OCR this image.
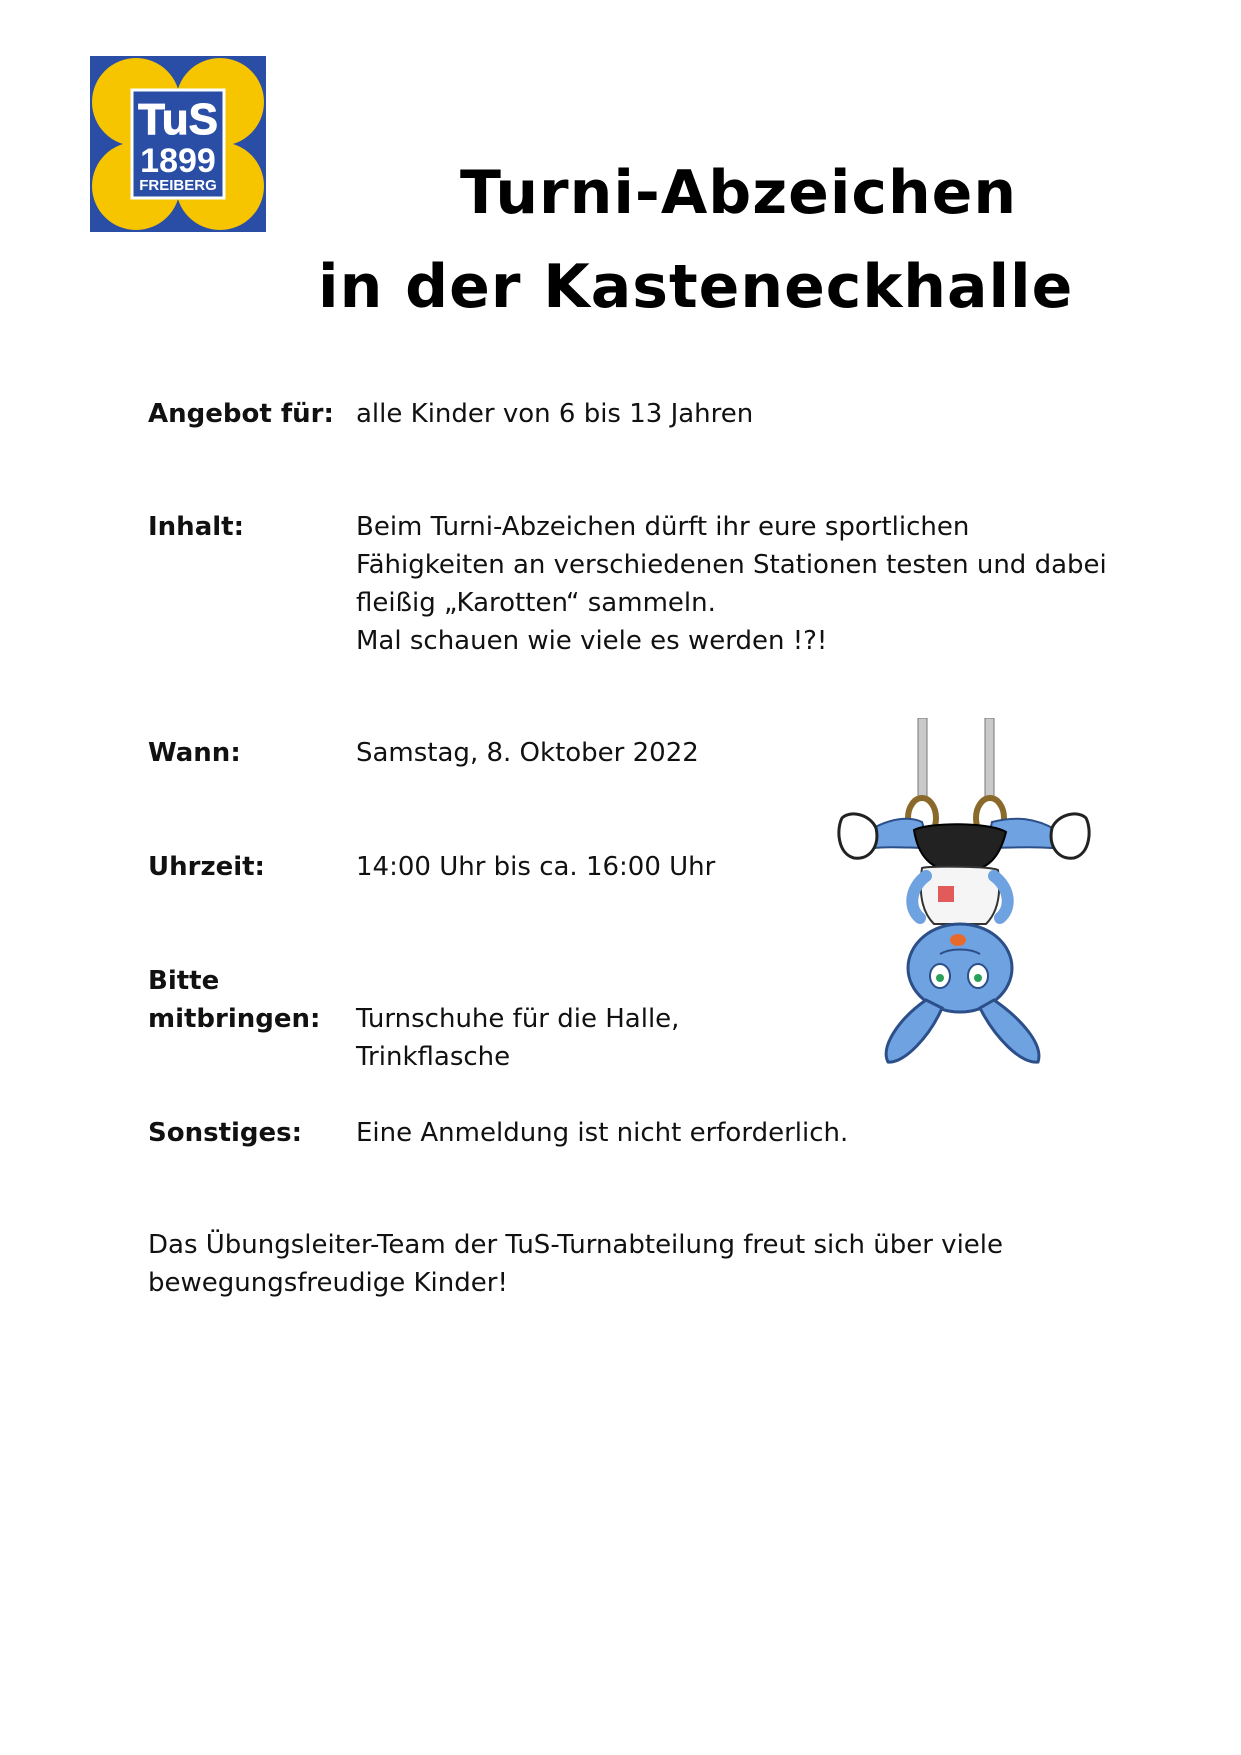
TuS
1899
FREIBERG	Turni-Abzeichen
in der Kasteneckhalle
Angebot für: alle Kinder von 6 bis 13 Jahren
Inhalt:	Beim Turni-Abzeichen dürft ihr eure sportlichen
Fähigkeiten an verschiedenen Stationen testen und dabei
fleißig „Karotten“ sammeln.
Mal schauen wie viele es werden !?!
Wann:	Samstag, 8. Oktober 2022
Uhrzeit:	14:00 Uhr bis ca. 16:00 Uhr
Bitte
mitbringen:	Turnschuhe für die Halle,
Trinkflasche
Sonstiges:	Eine Anmeldung ist nicht erforderlich.
Das Übungsleiter-Team der TuS-Turnabteilung freut sich über viele
bewegungsfreudige Kinder!
